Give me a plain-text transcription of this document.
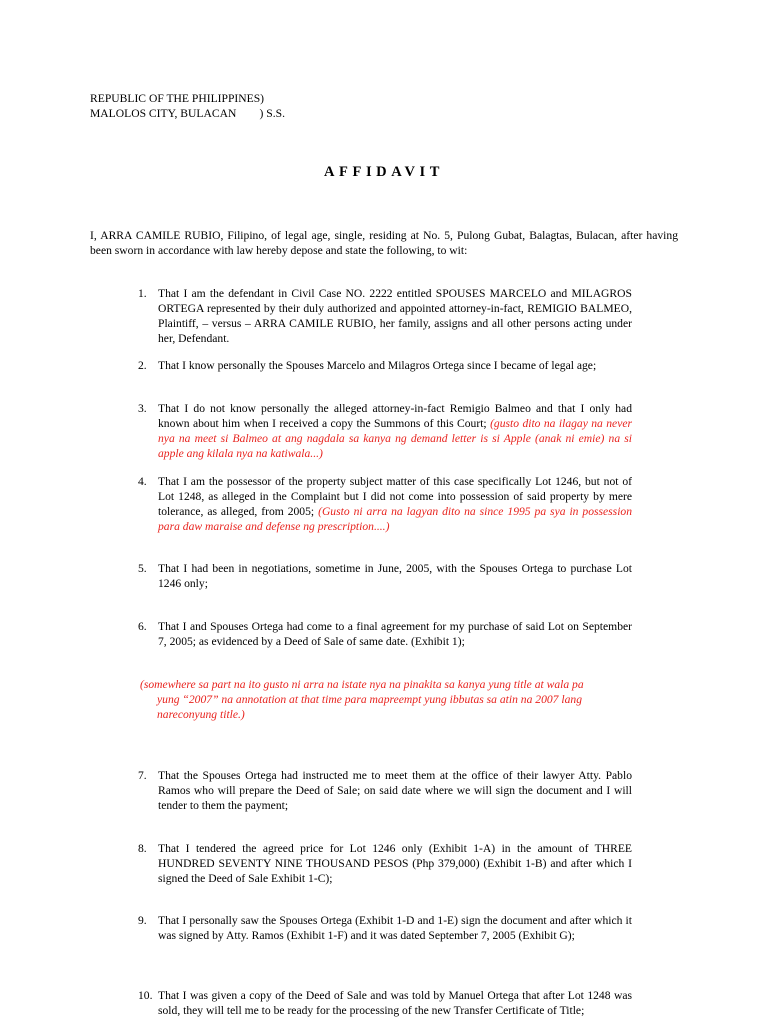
REPUBLIC OF THE PHILIPPINES)
MALOLOS CITY, BULACAN        ) S.S.
AFFIDAVIT
I, ARRA CAMILE RUBIO, Filipino, of legal age, single, residing at No. 5, Pulong Gubat, Balagtas, Bulacan, after having been sworn in accordance with law hereby depose and state the following, to wit:
1. That I am the defendant in Civil Case NO. 2222 entitled SPOUSES MARCELO and MILAGROS ORTEGA represented by their duly authorized and appointed attorney-in-fact, REMIGIO BALMEO, Plaintiff, – versus – ARRA CAMILE RUBIO, her family, assigns and all other persons acting under her, Defendant.
2. That I know personally the Spouses Marcelo and Milagros Ortega since I became of legal age;
3. That I do not know personally the alleged attorney-in-fact Remigio Balmeo and that I only had known about him when I received a copy the Summons of this Court; (gusto dito na ilagay na never nya na meet si Balmeo at ang nagdala sa kanya ng demand letter is si Apple (anak ni emie) na si apple ang kilala nya na katiwala...)
4. That I am the possessor of the property subject matter of this case specifically Lot 1246, but not of Lot 1248, as alleged in the Complaint but I did not come into possession of said property by mere tolerance, as alleged, from 2005; (Gusto ni arra na lagyan dito na since 1995 pa sya in possession para daw maraise and defense ng prescription....)
5. That I had been in negotiations, sometime in June, 2005, with the Spouses Ortega to purchase Lot 1246 only;
6. That I and Spouses Ortega had come to a final agreement for my purchase of said Lot on September 7, 2005; as evidenced by a Deed of Sale of same date. (Exhibit 1);
(somewhere sa part na ito gusto ni arra na istate nya na pinakita sa kanya yung title at wala pa
yung “2007” na annotation at that time para mapreempt yung ibbutas sa atin na 2007 lang nareconyung title.)
7. That the Spouses Ortega had instructed me to meet them at the office of their lawyer Atty. Pablo Ramos who will prepare the Deed of Sale; on said date where we will sign the document and I will tender to them the payment;
8. That I tendered the agreed price for Lot 1246 only (Exhibit 1-A) in the amount of THREE HUNDRED SEVENTY NINE THOUSAND PESOS (Php 379,000) (Exhibit 1-B) and after which I signed the Deed of Sale Exhibit 1-C);
9. That I personally saw the Spouses Ortega (Exhibit 1-D and 1-E) sign the document and after which it was signed by Atty. Ramos (Exhibit 1-F) and it was dated September 7, 2005 (Exhibit G);
10. That I was given a copy of the Deed of Sale and was told by Manuel Ortega that after Lot 1248 was sold, they will tell me to be ready for the processing of the new Transfer Certificate of Title;
